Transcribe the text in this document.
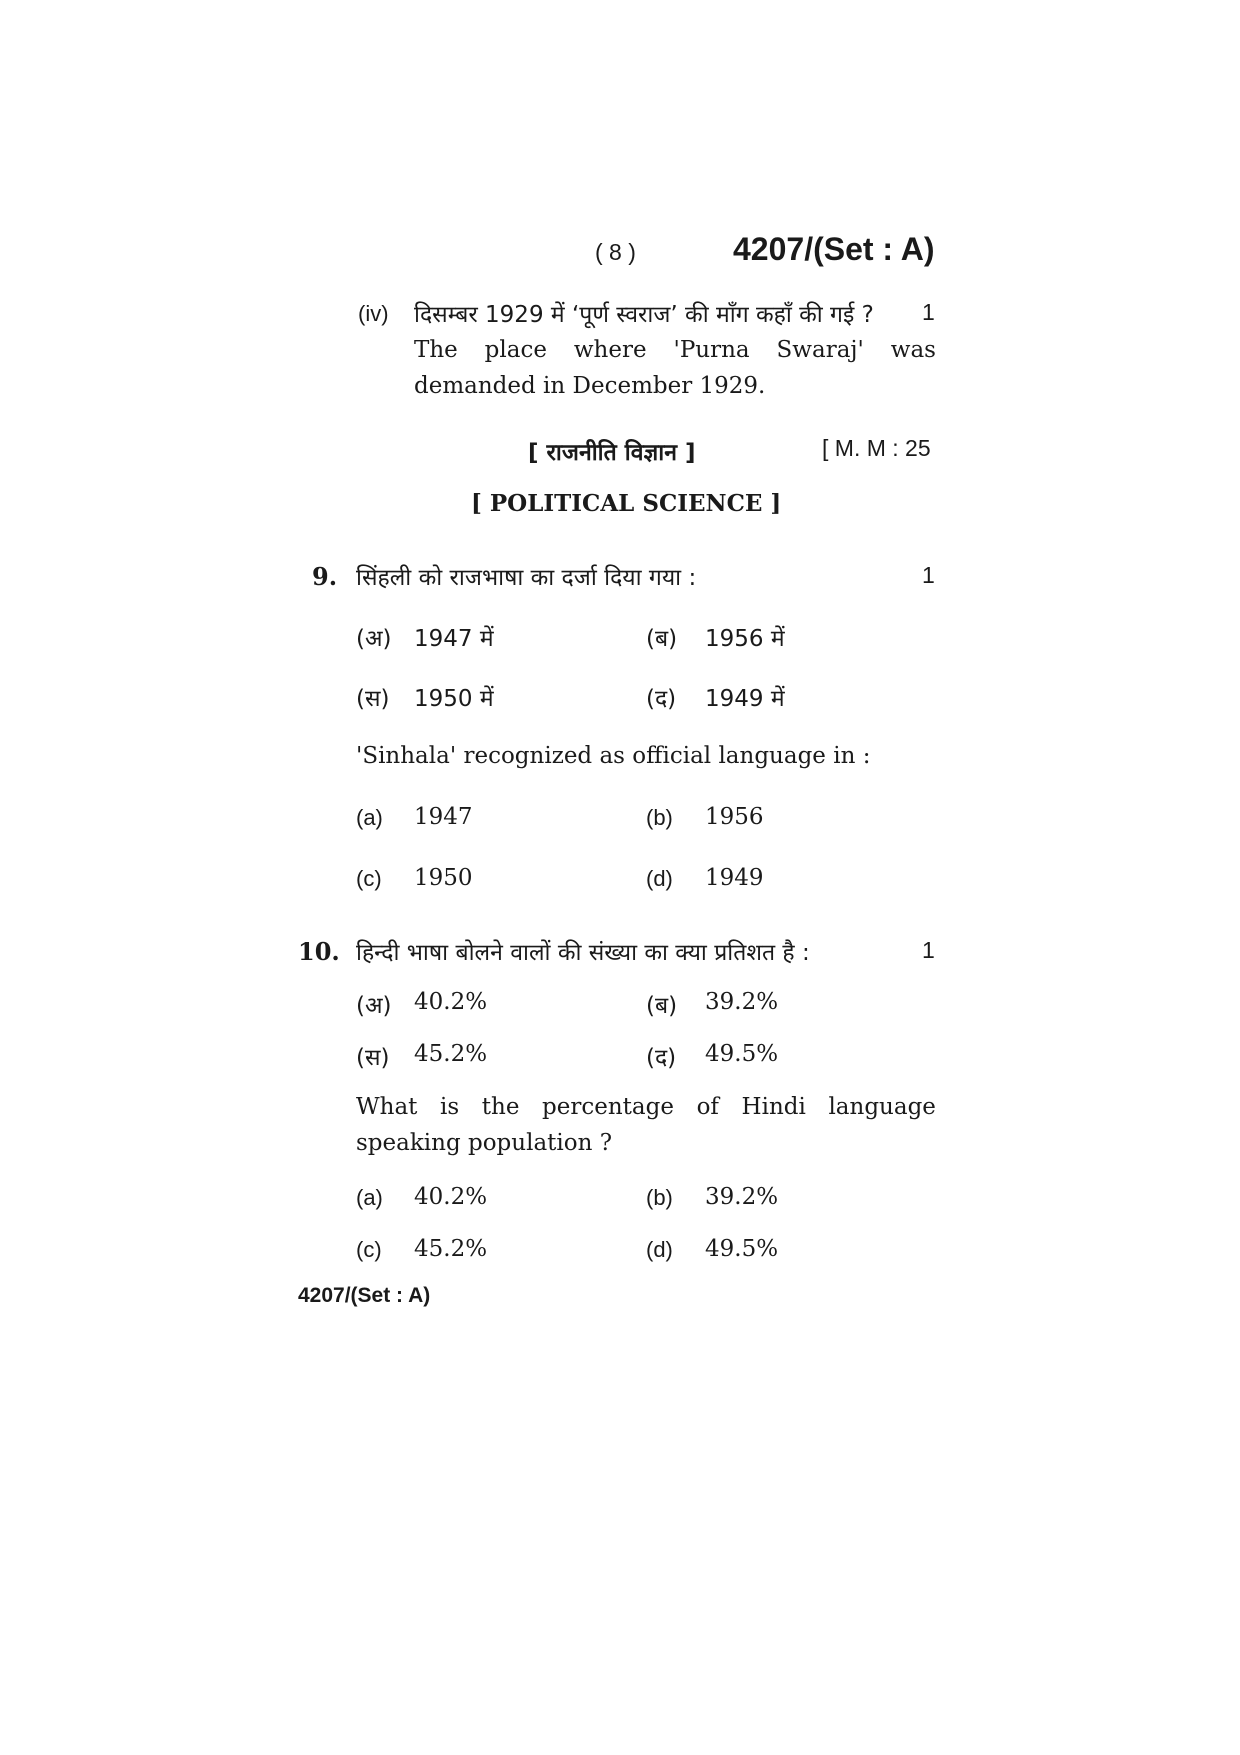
( 8 )	4207/(Set : A)
(iv) दिसम्बर 1929 में ‘पूर्ण स्वराज’ की माँग कहाँ की गई ?	1
The place where 'Purna Swaraj' was
demanded in December 1929.
[ राजनीति विज्ञान ]	[ M. M : 25
[ POLITICAL SCIENCE ]
9. सिंहली को राजभाषा का दर्जा दिया गया :	1
(अ) 1947 में	(ब) 1956 में
(स) 1950 में	(द) 1949 में
'Sinhala' recognized as official language in :
(a) 1947	(b) 1956
(c) 1950	(d) 1949
10. हिन्दी भाषा बोलने वालों की संख्या का क्या प्रतिशत है :	1
(अ) 40.2%	(ब) 39.2%
(स) 45.2%	(द) 49.5%
What is the percentage of Hindi language
speaking population ?
(a) 40.2%	(b) 39.2%
(c) 45.2%	(d) 49.5%
4207/(Set : A)
